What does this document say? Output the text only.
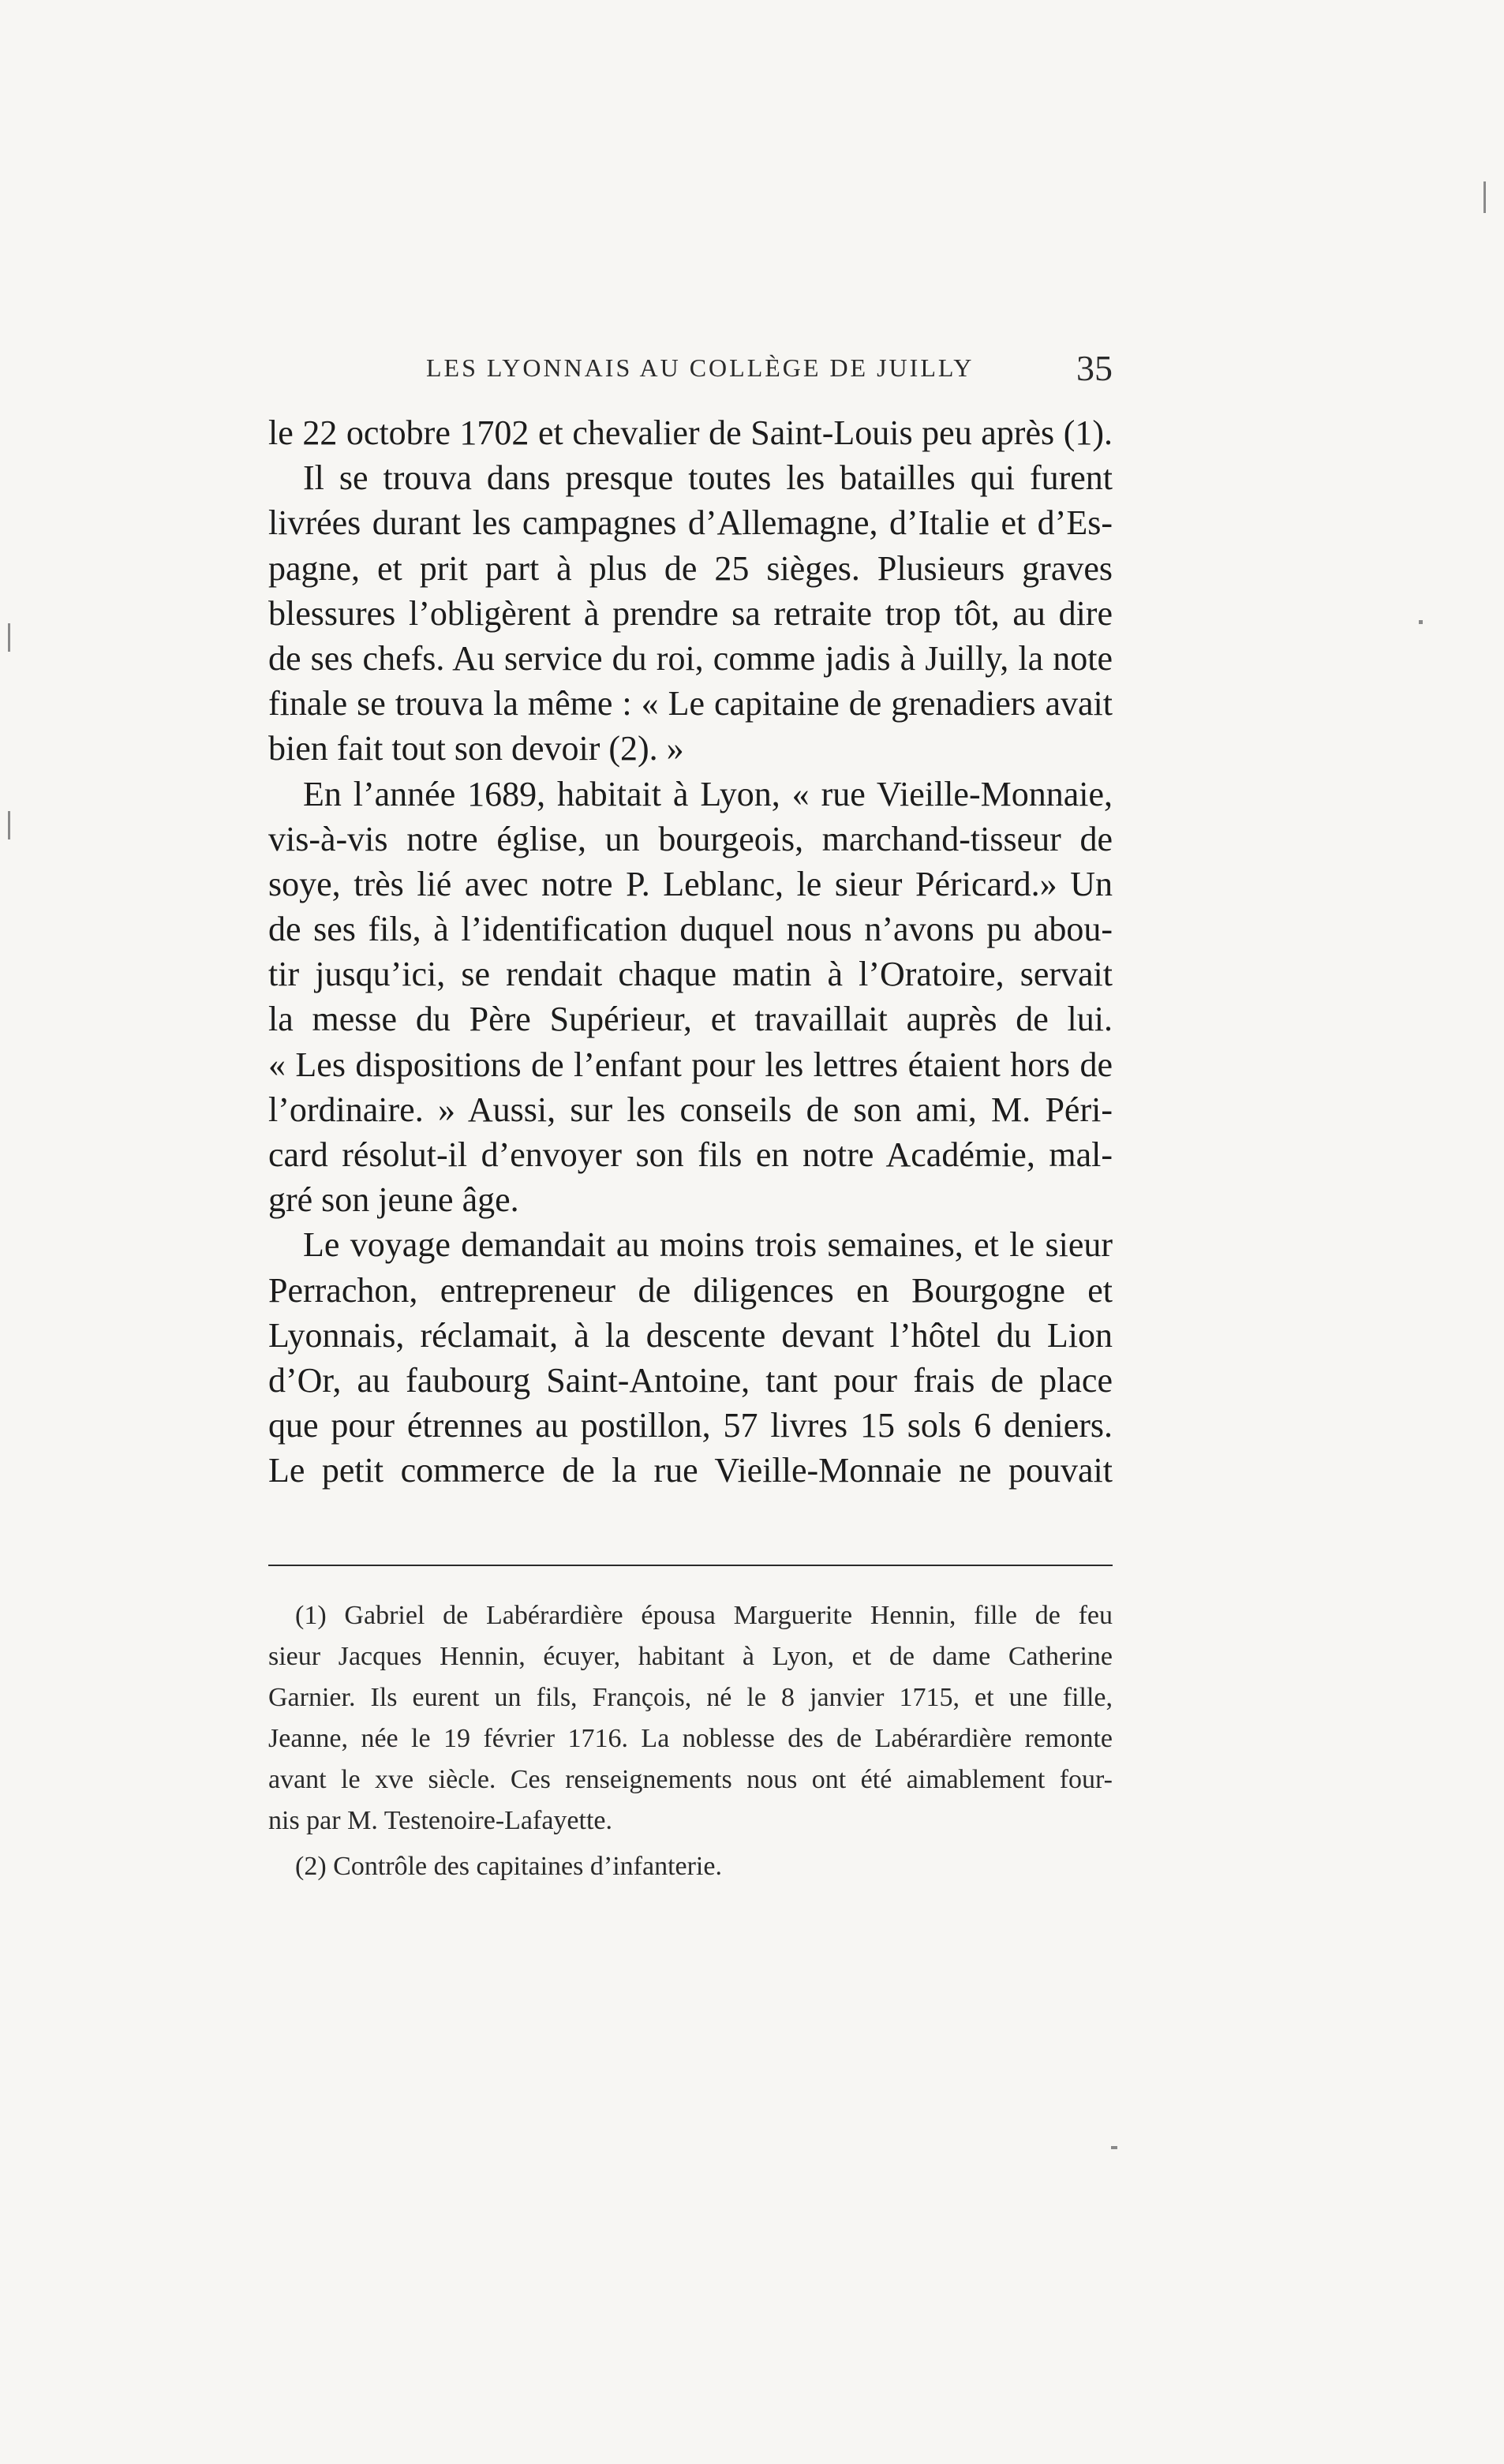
LES LYONNAIS AU COLLÈGE DE JUILLY	35
le 22 octobre 1702 et chevalier de Saint-Louis peu après (1).
Il se trouva dans presque toutes les batailles qui furent
livrées durant les campagnes d’Allemagne, d’Italie et d’Es-
pagne, et prit part à plus de 25 sièges. Plusieurs graves
blessures l’obligèrent à prendre sa retraite trop tôt, au dire
de ses chefs. Au service du roi, comme jadis à Juilly, la note
finale se trouva la même : « Le capitaine de grenadiers avait
bien fait tout son devoir (2). »
En l’année 1689, habitait à Lyon, « rue Vieille-Monnaie,
vis-à-vis notre église, un bourgeois, marchand-tisseur de
soye, très lié avec notre P. Leblanc, le sieur Péricard.» Un
de ses fils, à l’identification duquel nous n’avons pu abou-
tir jusqu’ici, se rendait chaque matin à l’Oratoire, servait
la messe du Père Supérieur, et travaillait auprès de lui.
« Les dispositions de l’enfant pour les lettres étaient hors de
l’ordinaire. » Aussi, sur les conseils de son ami, M. Péri-
card résolut-il d’envoyer son fils en notre Académie, mal-
gré son jeune âge.
Le voyage demandait au moins trois semaines, et le sieur
Perrachon, entrepreneur de diligences en Bourgogne et
Lyonnais, réclamait, à la descente devant l’hôtel du Lion
d’Or, au faubourg Saint-Antoine, tant pour frais de place
que pour étrennes au postillon, 57 livres 15 sols 6 deniers.
Le petit commerce de la rue Vieille-Monnaie ne pouvait
(1) Gabriel de Labérardière épousa Marguerite Hennin, fille de feu
sieur Jacques Hennin, écuyer, habitant à Lyon, et de dame Catherine
Garnier. Ils eurent un fils, François, né le 8 janvier 1715, et une fille,
Jeanne, née le 19 février 1716. La noblesse des de Labérardière remonte
avant le xve siècle. Ces renseignements nous ont été aimablement four-
nis par M. Testenoire-Lafayette.
(2) Contrôle des capitaines d’infanterie.
